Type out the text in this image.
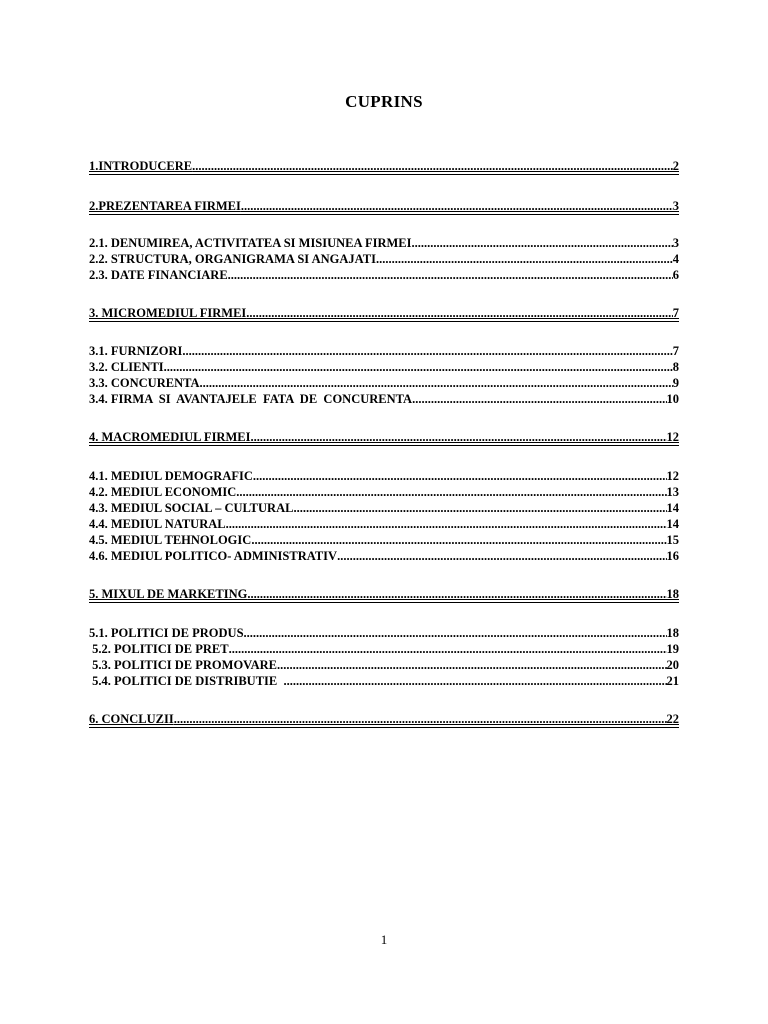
CUPRINS
1.INTRODUCERE .....	2
2.PREZENTAREA FIRMEI .....	3
2.1. DENUMIREA, ACTIVITATEA SI MISIUNEA FIRMEI .....	3
2.2. STRUCTURA, ORGANIGRAMA SI ANGAJATI .....	4
2.3. DATE FINANCIARE .....	6
3. MICROMEDIUL FIRMEI .....	7
3.1. FURNIZORI .....	7
3.2. CLIENTI .....	8
3.3. CONCURENTA .....	9
3.4. FIRMA  SI  AVANTAJELE  FATA  DE  CONCURENTA .....	10
4. MACROMEDIUL FIRMEI .....	12
4.1. MEDIUL DEMOGRAFIC .....	12
4.2. MEDIUL ECONOMIC .....	13
4.3. MEDIUL SOCIAL – CULTURAL .....	14
4.4. MEDIUL NATURAL .....	14
4.5. MEDIUL TEHNOLOGIC .....	15
4.6. MEDIUL POLITICO- ADMINISTRATIV .....	16
5. MIXUL DE MARKETING .....	18
5.1. POLITICI DE PRODUS .....	18
5.2. POLITICI DE PRET .....	19
5.3. POLITICI DE PROMOVARE .....	20
5.4. POLITICI DE DISTRIBUTIE .....	21
6. CONCLUZII .....	22
1
